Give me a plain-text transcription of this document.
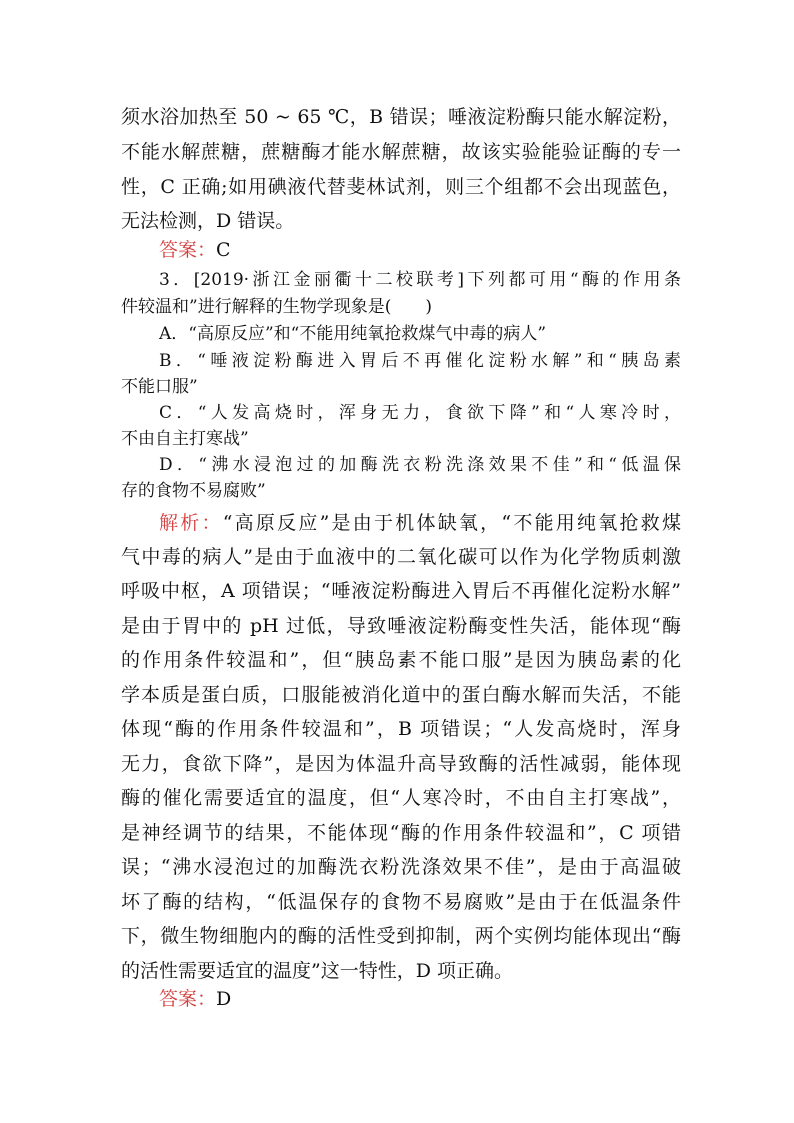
须水浴加热至 50 ~ 65 ℃，B 错误；唾液淀粉酶只能水解淀粉，
不能水解蔗糖，蔗糖酶才能水解蔗糖，故该实验能验证酶的专一
性，C 正确;如用碘液代替斐林试剂，则三个组都不会出现蓝色，
无法检测，D 错误。
答案：C
3．[2019·浙江金丽衢十二校联考]下列都可用“酶的作用条
件较温和”进行解释的生物学现象是(　　)
A．“高原反应”和“不能用纯氧抢救煤气中毒的病人”
B．“唾液淀粉酶进入胃后不再催化淀粉水解”和“胰岛素
不能口服”
C．“人发高烧时，浑身无力，食欲下降”和“人寒冷时，
不由自主打寒战”
D．“沸水浸泡过的加酶洗衣粉洗涤效果不佳”和“低温保
存的食物不易腐败”
解析：“高原反应”是由于机体缺氧，“不能用纯氧抢救煤
气中毒的病人”是由于血液中的二氧化碳可以作为化学物质刺激
呼吸中枢，A 项错误；“唾液淀粉酶进入胃后不再催化淀粉水解”
是由于胃中的 pH 过低，导致唾液淀粉酶变性失活，能体现“酶
的作用条件较温和”，但“胰岛素不能口服”是因为胰岛素的化
学本质是蛋白质，口服能被消化道中的蛋白酶水解而失活，不能
体现“酶的作用条件较温和”，B 项错误；“人发高烧时，浑身
无力，食欲下降”，是因为体温升高导致酶的活性减弱，能体现
酶的催化需要适宜的温度，但“人寒冷时，不由自主打寒战”，
是神经调节的结果，不能体现“酶的作用条件较温和”，C 项错
误；“沸水浸泡过的加酶洗衣粉洗涤效果不佳”，是由于高温破
坏了酶的结构，“低温保存的食物不易腐败”是由于在低温条件
下，微生物细胞内的酶的活性受到抑制，两个实例均能体现出“酶
的活性需要适宜的温度”这一特性，D 项正确。
答案：D
